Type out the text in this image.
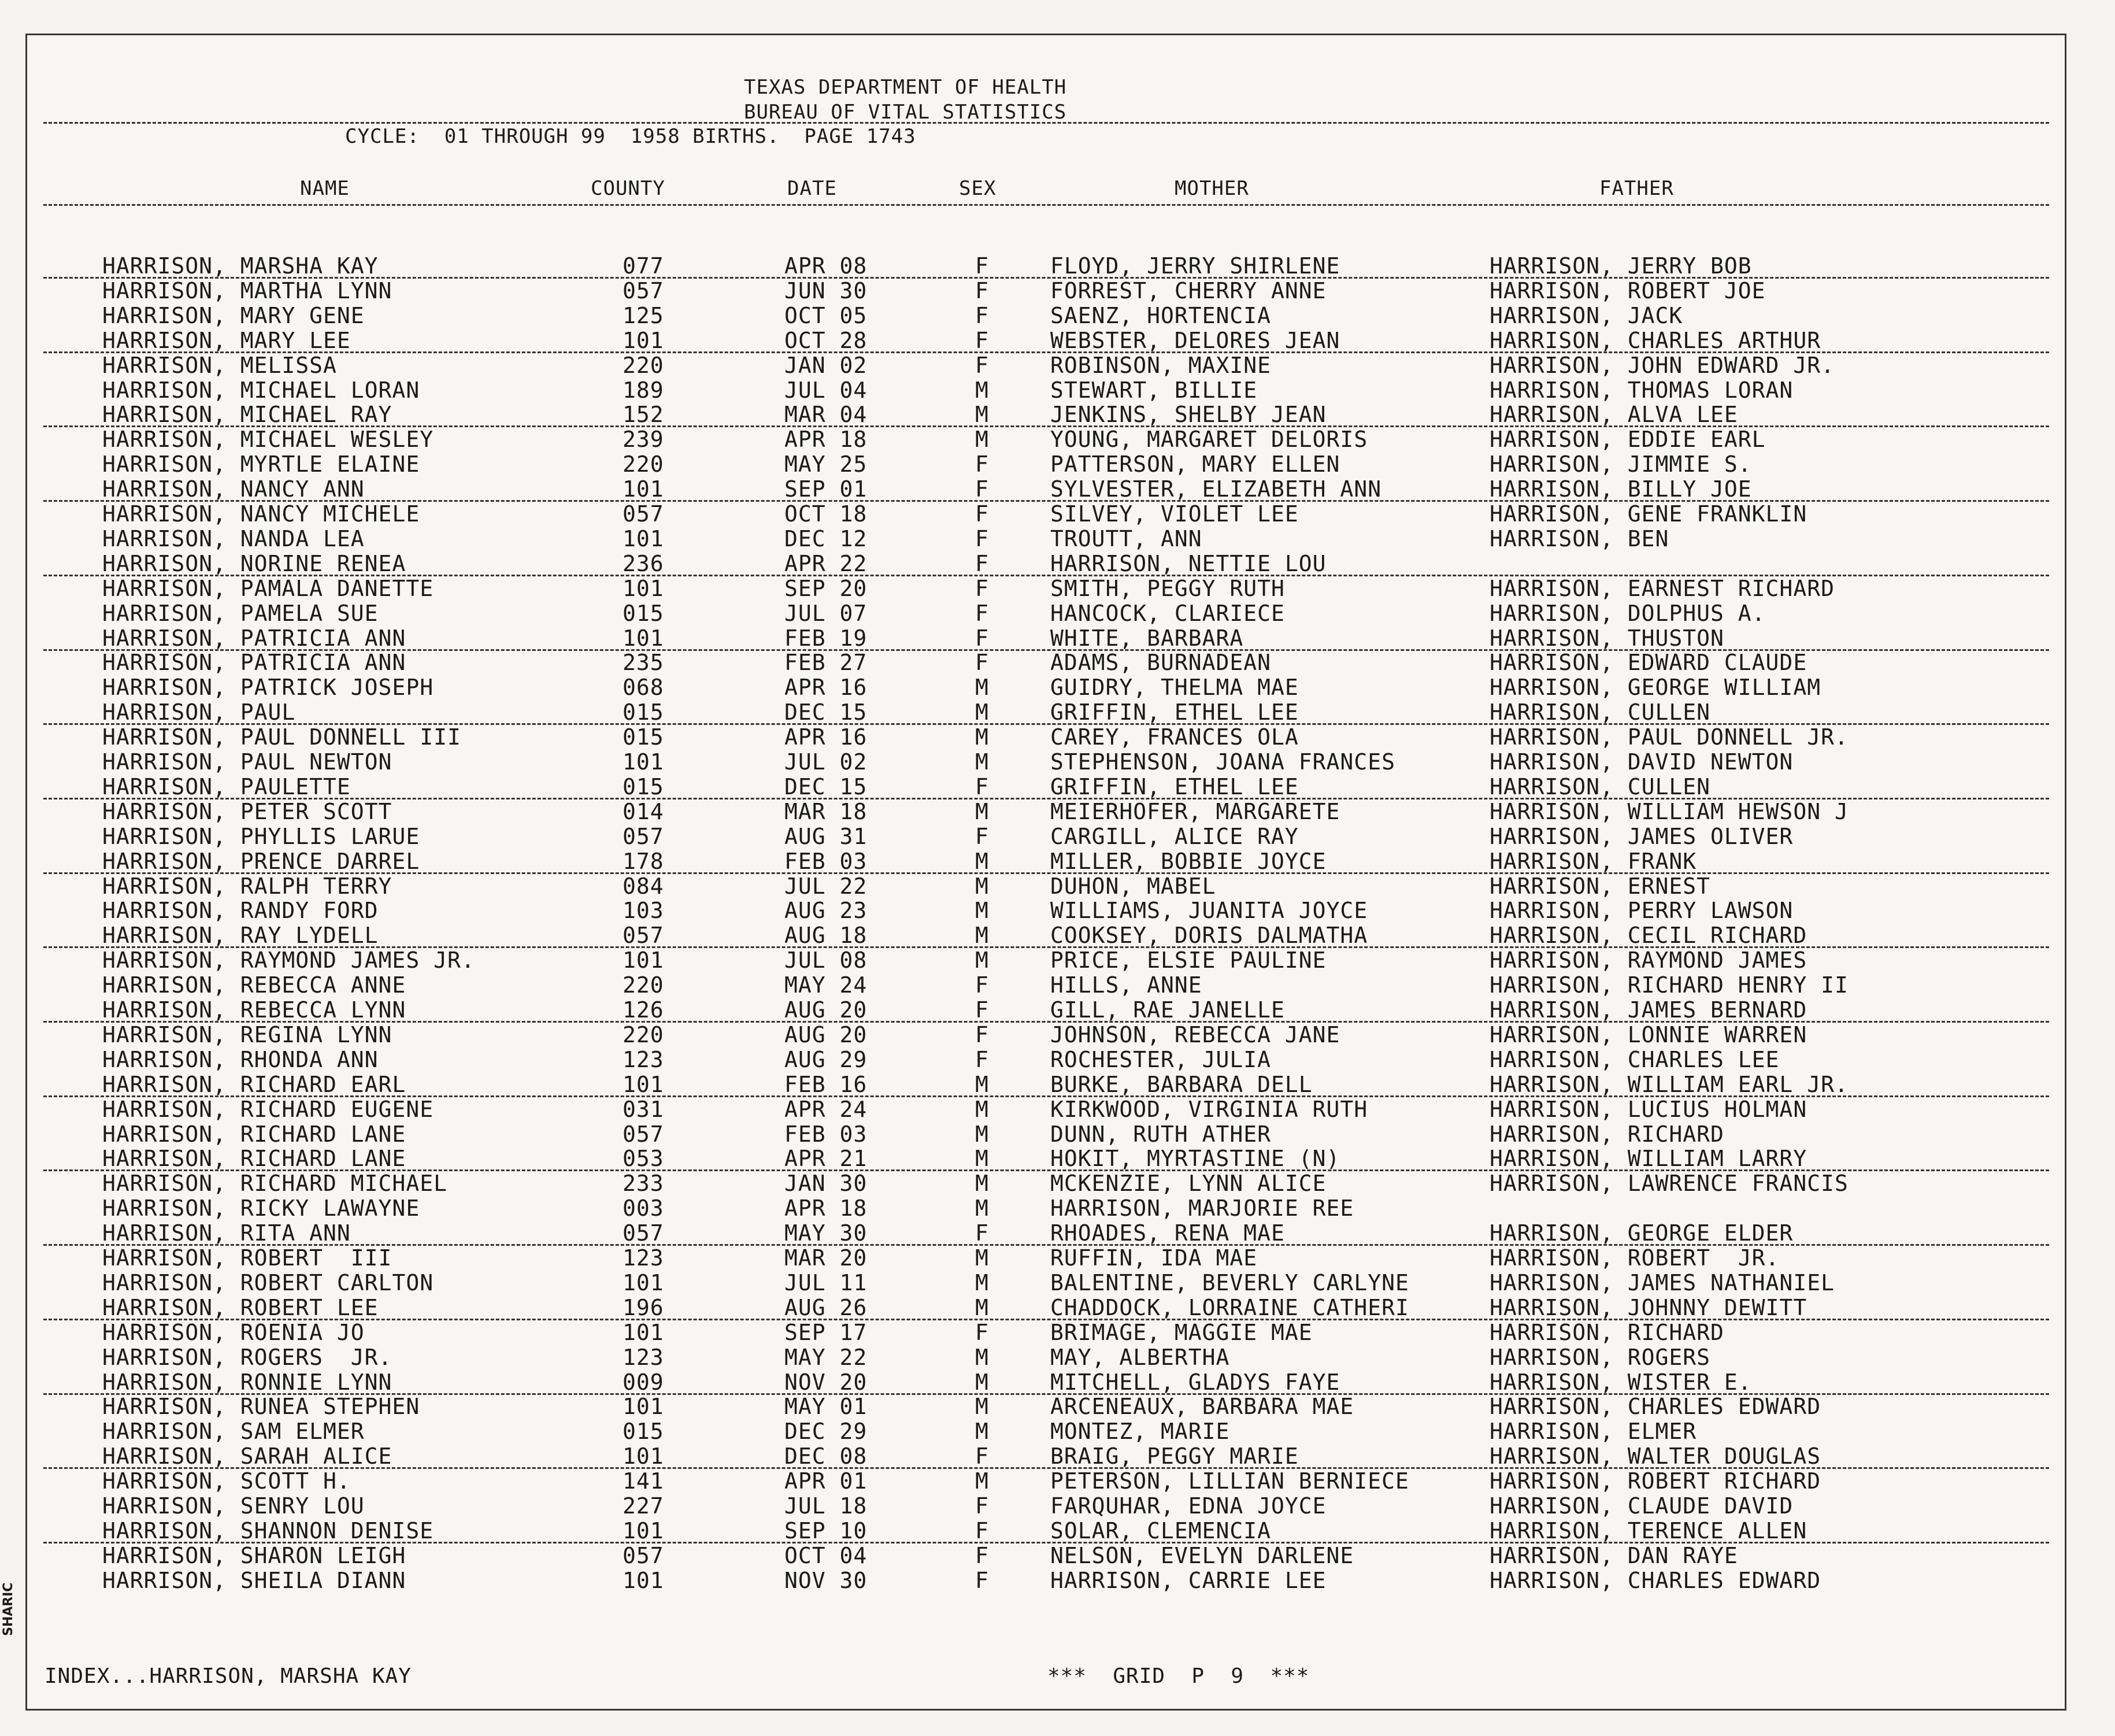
TEXAS DEPARTMENT OF HEALTH
BUREAU OF VITAL STATISTICS
CYCLE:  01 THROUGH 99  1958 BIRTHS.  PAGE 1743
NAME	COUNTY	DATE	SEX	MOTHER	FATHER
HARRISON, MARSHA KAY	077	APR 08	F	FLOYD, JERRY SHIRLENE	HARRISON, JERRY BOB
HARRISON, MARTHA LYNN	057	JUN 30	F	FORREST, CHERRY ANNE	HARRISON, ROBERT JOE
HARRISON, MARY GENE	125	OCT 05	F	SAENZ, HORTENCIA	HARRISON, JACK
HARRISON, MARY LEE	101	OCT 28	F	WEBSTER, DELORES JEAN	HARRISON, CHARLES ARTHUR
HARRISON, MELISSA	220	JAN 02	F	ROBINSON, MAXINE	HARRISON, JOHN EDWARD JR.
HARRISON, MICHAEL LORAN	189	JUL 04	M	STEWART, BILLIE	HARRISON, THOMAS LORAN
HARRISON, MICHAEL RAY	152	MAR 04	M	JENKINS, SHELBY JEAN	HARRISON, ALVA LEE
HARRISON, MICHAEL WESLEY	239	APR 18	M	YOUNG, MARGARET DELORIS	HARRISON, EDDIE EARL
HARRISON, MYRTLE ELAINE	220	MAY 25	F	PATTERSON, MARY ELLEN	HARRISON, JIMMIE S.
HARRISON, NANCY ANN	101	SEP 01	F	SYLVESTER, ELIZABETH ANN	HARRISON, BILLY JOE
HARRISON, NANCY MICHELE	057	OCT 18	F	SILVEY, VIOLET LEE	HARRISON, GENE FRANKLIN
HARRISON, NANDA LEA	101	DEC 12	F	TROUTT, ANN	HARRISON, BEN
HARRISON, NORINE RENEA	236	APR 22	F	HARRISON, NETTIE LOU
HARRISON, PAMALA DANETTE	101	SEP 20	F	SMITH, PEGGY RUTH	HARRISON, EARNEST RICHARD
HARRISON, PAMELA SUE	015	JUL 07	F	HANCOCK, CLARIECE	HARRISON, DOLPHUS A.
HARRISON, PATRICIA ANN	101	FEB 19	F	WHITE, BARBARA	HARRISON, THUSTON
HARRISON, PATRICIA ANN	235	FEB 27	F	ADAMS, BURNADEAN	HARRISON, EDWARD CLAUDE
HARRISON, PATRICK JOSEPH	068	APR 16	M	GUIDRY, THELMA MAE	HARRISON, GEORGE WILLIAM
HARRISON, PAUL	015	DEC 15	M	GRIFFIN, ETHEL LEE	HARRISON, CULLEN
HARRISON, PAUL DONNELL III	015	APR 16	M	CAREY, FRANCES OLA	HARRISON, PAUL DONNELL JR.
HARRISON, PAUL NEWTON	101	JUL 02	M	STEPHENSON, JOANA FRANCES	HARRISON, DAVID NEWTON
HARRISON, PAULETTE	015	DEC 15	F	GRIFFIN, ETHEL LEE	HARRISON, CULLEN
HARRISON, PETER SCOTT	014	MAR 18	M	MEIERHOFER, MARGARETE	HARRISON, WILLIAM HEWSON J
HARRISON, PHYLLIS LARUE	057	AUG 31	F	CARGILL, ALICE RAY	HARRISON, JAMES OLIVER
HARRISON, PRENCE DARREL	178	FEB 03	M	MILLER, BOBBIE JOYCE	HARRISON, FRANK
HARRISON, RALPH TERRY	084	JUL 22	M	DUHON, MABEL	HARRISON, ERNEST
HARRISON, RANDY FORD	103	AUG 23	M	WILLIAMS, JUANITA JOYCE	HARRISON, PERRY LAWSON
HARRISON, RAY LYDELL	057	AUG 18	M	COOKSEY, DORIS DALMATHA	HARRISON, CECIL RICHARD
HARRISON, RAYMOND JAMES JR.	101	JUL 08	M	PRICE, ELSIE PAULINE	HARRISON, RAYMOND JAMES
HARRISON, REBECCA ANNE	220	MAY 24	F	HILLS, ANNE	HARRISON, RICHARD HENRY II
HARRISON, REBECCA LYNN	126	AUG 20	F	GILL, RAE JANELLE	HARRISON, JAMES BERNARD
HARRISON, REGINA LYNN	220	AUG 20	F	JOHNSON, REBECCA JANE	HARRISON, LONNIE WARREN
HARRISON, RHONDA ANN	123	AUG 29	F	ROCHESTER, JULIA	HARRISON, CHARLES LEE
HARRISON, RICHARD EARL	101	FEB 16	M	BURKE, BARBARA DELL	HARRISON, WILLIAM EARL JR.
HARRISON, RICHARD EUGENE	031	APR 24	M	KIRKWOOD, VIRGINIA RUTH	HARRISON, LUCIUS HOLMAN
HARRISON, RICHARD LANE	057	FEB 03	M	DUNN, RUTH ATHER	HARRISON, RICHARD
HARRISON, RICHARD LANE	053	APR 21	M	HOKIT, MYRTASTINE (N)	HARRISON, WILLIAM LARRY
HARRISON, RICHARD MICHAEL	233	JAN 30	M	MCKENZIE, LYNN ALICE	HARRISON, LAWRENCE FRANCIS
HARRISON, RICKY LAWAYNE	003	APR 18	M	HARRISON, MARJORIE REE
HARRISON, RITA ANN	057	MAY 30	F	RHOADES, RENA MAE	HARRISON, GEORGE ELDER
HARRISON, ROBERT  III	123	MAR 20	M	RUFFIN, IDA MAE	HARRISON, ROBERT  JR.
HARRISON, ROBERT CARLTON	101	JUL 11	M	BALENTINE, BEVERLY CARLYNE	HARRISON, JAMES NATHANIEL
HARRISON, ROBERT LEE	196	AUG 26	M	CHADDOCK, LORRAINE CATHERI	HARRISON, JOHNNY DEWITT
HARRISON, ROENIA JO	101	SEP 17	F	BRIMAGE, MAGGIE MAE	HARRISON, RICHARD
HARRISON, ROGERS  JR.	123	MAY 22	M	MAY, ALBERTHA	HARRISON, ROGERS
HARRISON, RONNIE LYNN	009	NOV 20	M	MITCHELL, GLADYS FAYE	HARRISON, WISTER E.
HARRISON, RUNEA STEPHEN	101	MAY 01	M	ARCENEAUX, BARBARA MAE	HARRISON, CHARLES EDWARD
HARRISON, SAM ELMER	015	DEC 29	M	MONTEZ, MARIE	HARRISON, ELMER
HARRISON, SARAH ALICE	101	DEC 08	F	BRAIG, PEGGY MARIE	HARRISON, WALTER DOUGLAS
HARRISON, SCOTT H.	141	APR 01	M	PETERSON, LILLIAN BERNIECE	HARRISON, ROBERT RICHARD
HARRISON, SENRY LOU	227	JUL 18	F	FARQUHAR, EDNA JOYCE	HARRISON, CLAUDE DAVID
HARRISON, SHANNON DENISE	101	SEP 10	F	SOLAR, CLEMENCIA	HARRISON, TERENCE ALLEN
HARRISON, SHARON LEIGH	057	OCT 04	F	NELSON, EVELYN DARLENE	HARRISON, DAN RAYE
HARRISON, SHEILA DIANN	101	NOV 30	F	HARRISON, CARRIE LEE	HARRISON, CHARLES EDWARD
INDEX...HARRISON, MARSHA KAY	***  GRID  P  9  ***
SHARIC
